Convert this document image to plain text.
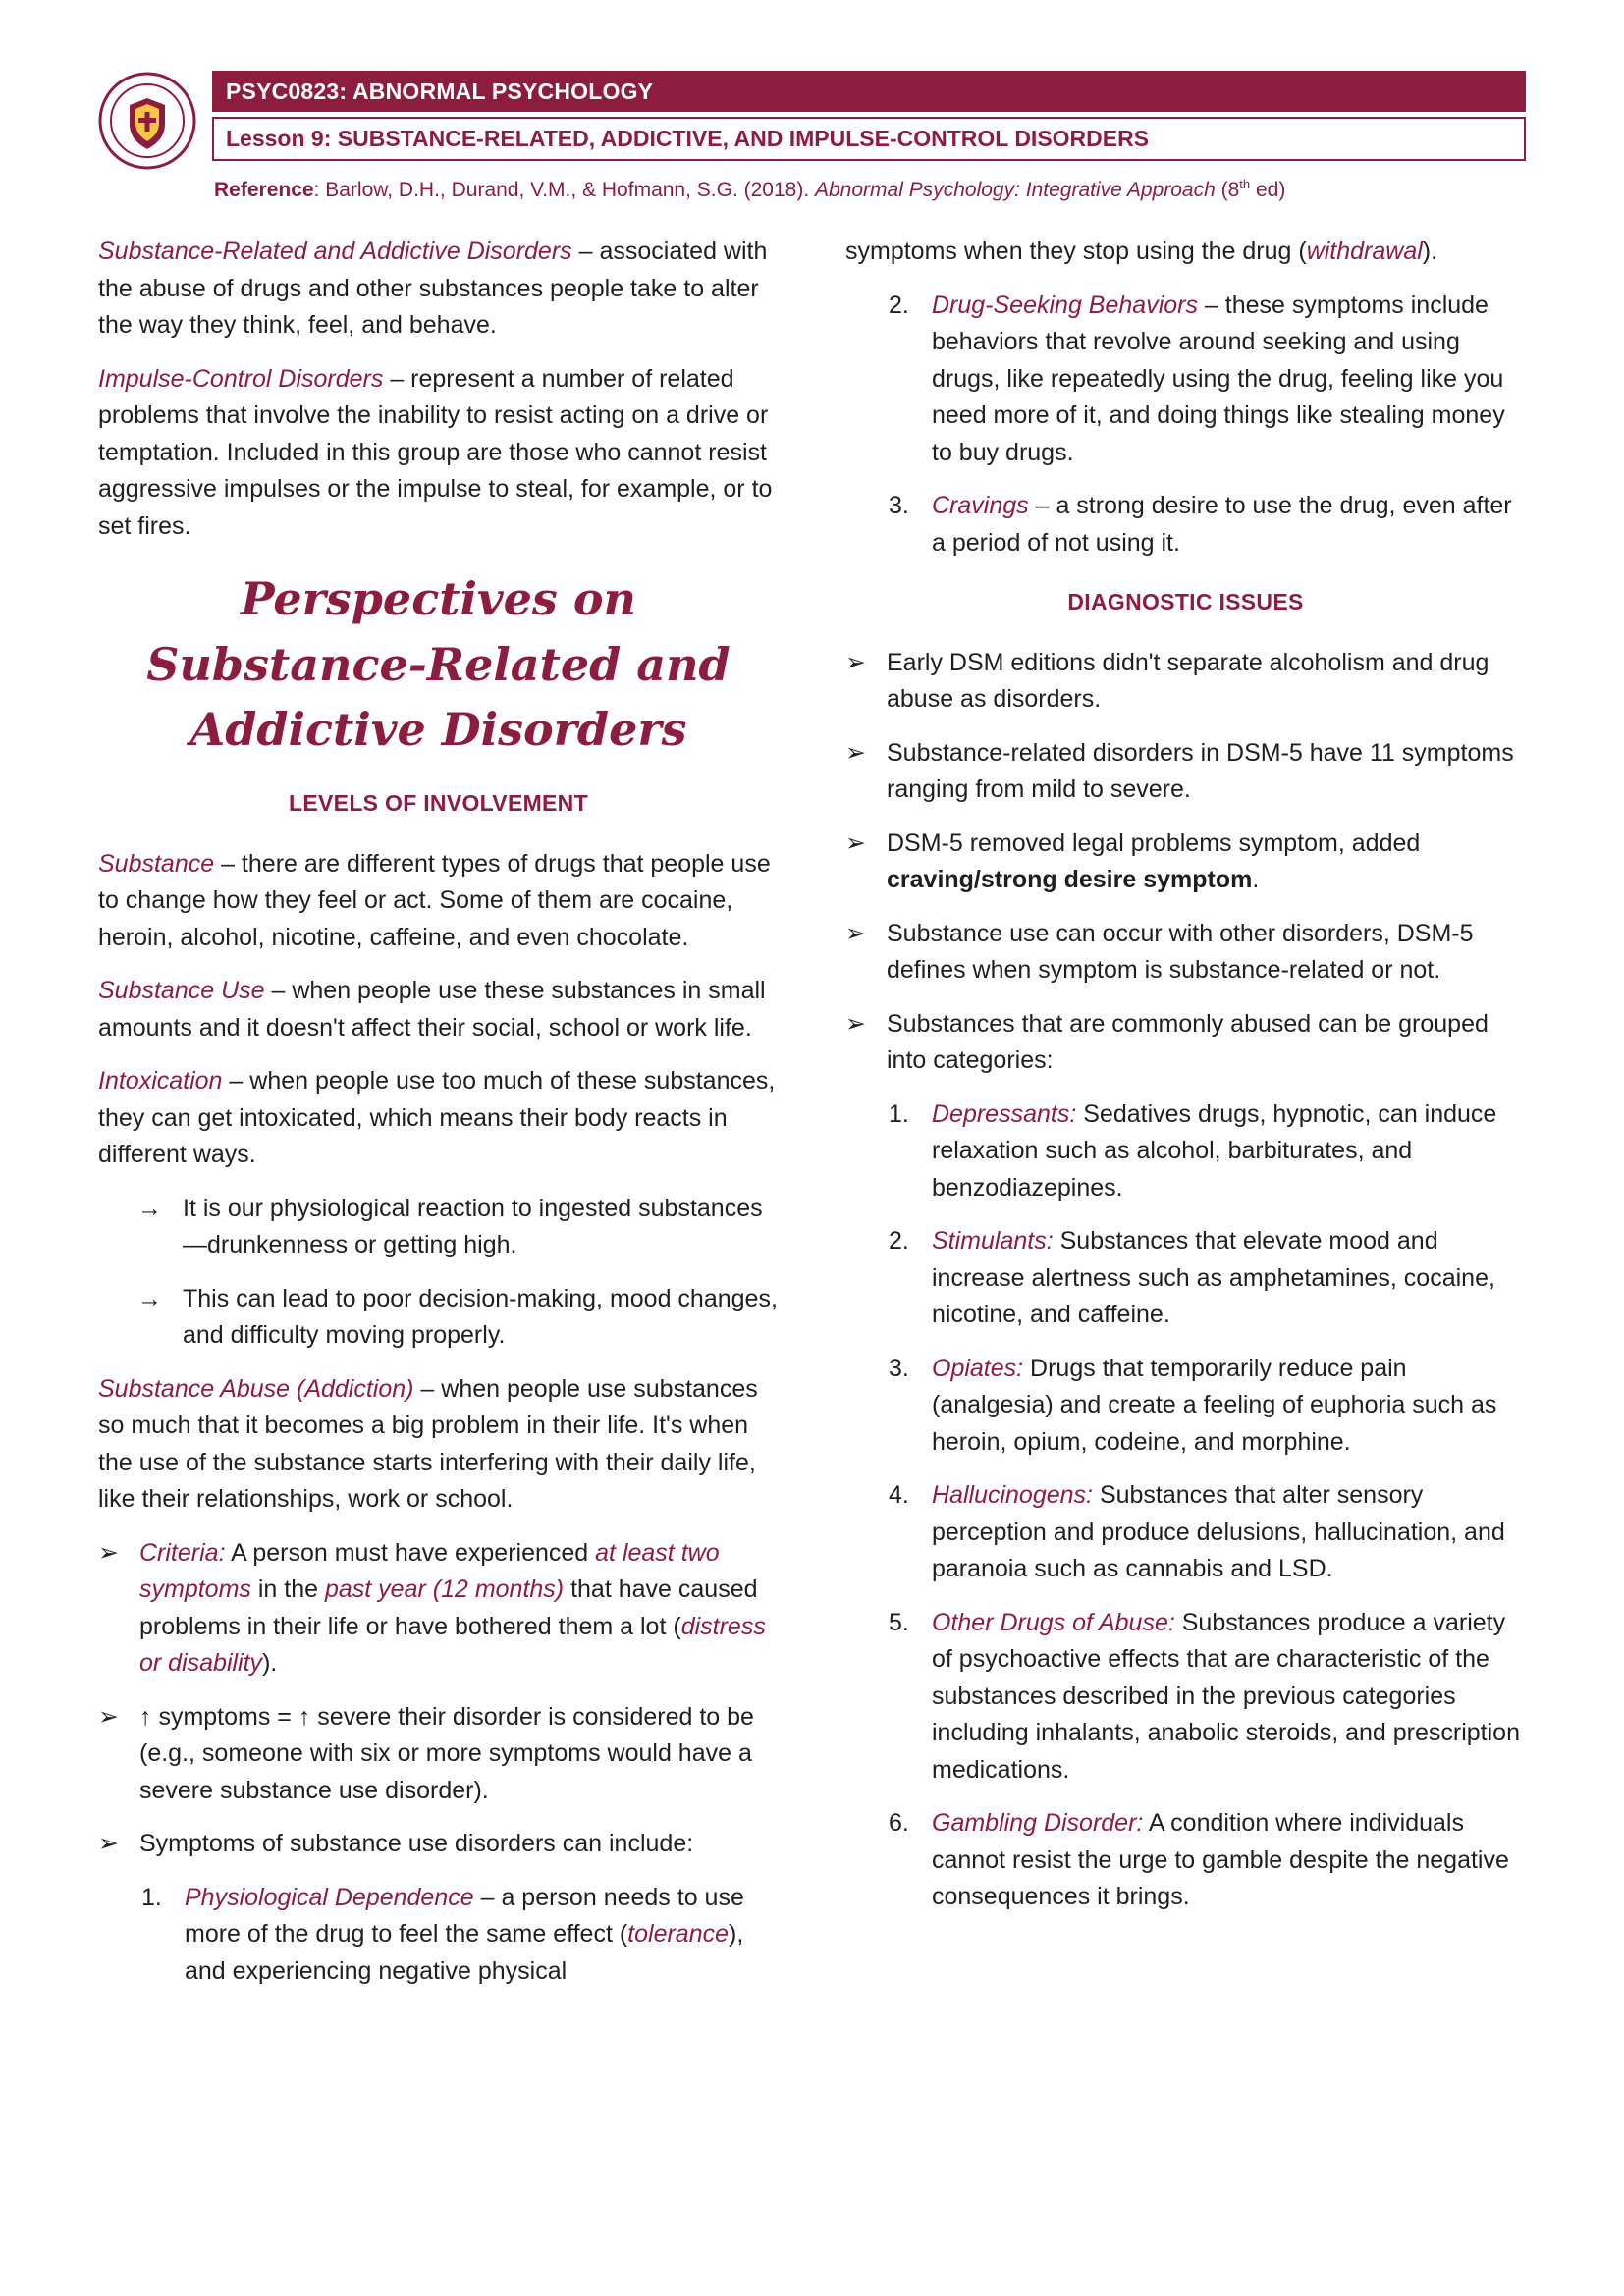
PSYC0823: ABNORMAL PSYCHOLOGY
Lesson 9: SUBSTANCE-RELATED, ADDICTIVE, AND IMPULSE-CONTROL DISORDERS
Reference: Barlow, D.H., Durand, V.M., & Hofmann, S.G. (2018). Abnormal Psychology: Integrative Approach (8th ed)

Substance-Related and Addictive Disorders – associated with the abuse of drugs and other substances people take to alter the way they think, feel, and behave.

Impulse-Control Disorders – represent a number of related problems that involve the inability to resist acting on a drive or temptation. Included in this group are those who cannot resist aggressive impulses or the impulse to steal, for example, or to set fires.

Perspectives on Substance-Related and Addictive Disorders
LEVELS OF INVOLVEMENT

Substance – there are different types of drugs that people use to change how they feel or act. Some of them are cocaine, heroin, alcohol, nicotine, caffeine, and even chocolate.

Substance Use – when people use these substances in small amounts and it doesn't affect their social, school or work life.

Intoxication – when people use too much of these substances, they can get intoxicated, which means their body reacts in different ways.

→ It is our physiological reaction to ingested substances—drunkenness or getting high.
→ This can lead to poor decision-making, mood changes, and difficulty moving properly.

Substance Abuse (Addiction) – when people use substances so much that it becomes a big problem in their life. It's when the use of the substance starts interfering with their daily life, like their relationships, work or school.

➢ Criteria: A person must have experienced at least two symptoms in the past year (12 months) that have caused problems in their life or have bothered them a lot (distress or disability).
➢ ↑ symptoms = ↑ severe their disorder is considered to be (e.g., someone with six or more symptoms would have a severe substance use disorder).
➢ Symptoms of substance use disorders can include:
1. Physiological Dependence – a person needs to use more of the drug to feel the same effect (tolerance), and experiencing negative physical

symptoms when they stop using the drug (withdrawal).

2. Drug-Seeking Behaviors – these symptoms include behaviors that revolve around seeking and using drugs, like repeatedly using the drug, feeling like you need more of it, and doing things like stealing money to buy drugs.
3. Cravings – a strong desire to use the drug, even after a period of not using it.
DIAGNOSTIC ISSUES
➢ Early DSM editions didn't separate alcoholism and drug abuse as disorders.
➢ Substance-related disorders in DSM-5 have 11 symptoms ranging from mild to severe.
➢ DSM-5 removed legal problems symptom, added craving/strong desire symptom.
➢ Substance use can occur with other disorders, DSM-5 defines when symptom is substance-related or not.
➢ Substances that are commonly abused can be grouped into categories:
1. Depressants: Sedatives drugs, hypnotic, can induce relaxation such as alcohol, barbiturates, and benzodiazepines.
2. Stimulants: Substances that elevate mood and increase alertness such as amphetamines, cocaine, nicotine, and caffeine.
3. Opiates: Drugs that temporarily reduce pain (analgesia) and create a feeling of euphoria such as heroin, opium, codeine, and morphine.
4. Hallucinogens: Substances that alter sensory perception and produce delusions, hallucination, and paranoia such as cannabis and LSD.
5. Other Drugs of Abuse: Substances produce a variety of psychoactive effects that are characteristic of the substances described in the previous categories including inhalants, anabolic steroids, and prescription medications.
6. Gambling Disorder: A condition where individuals cannot resist the urge to gamble despite the negative consequences it brings.
